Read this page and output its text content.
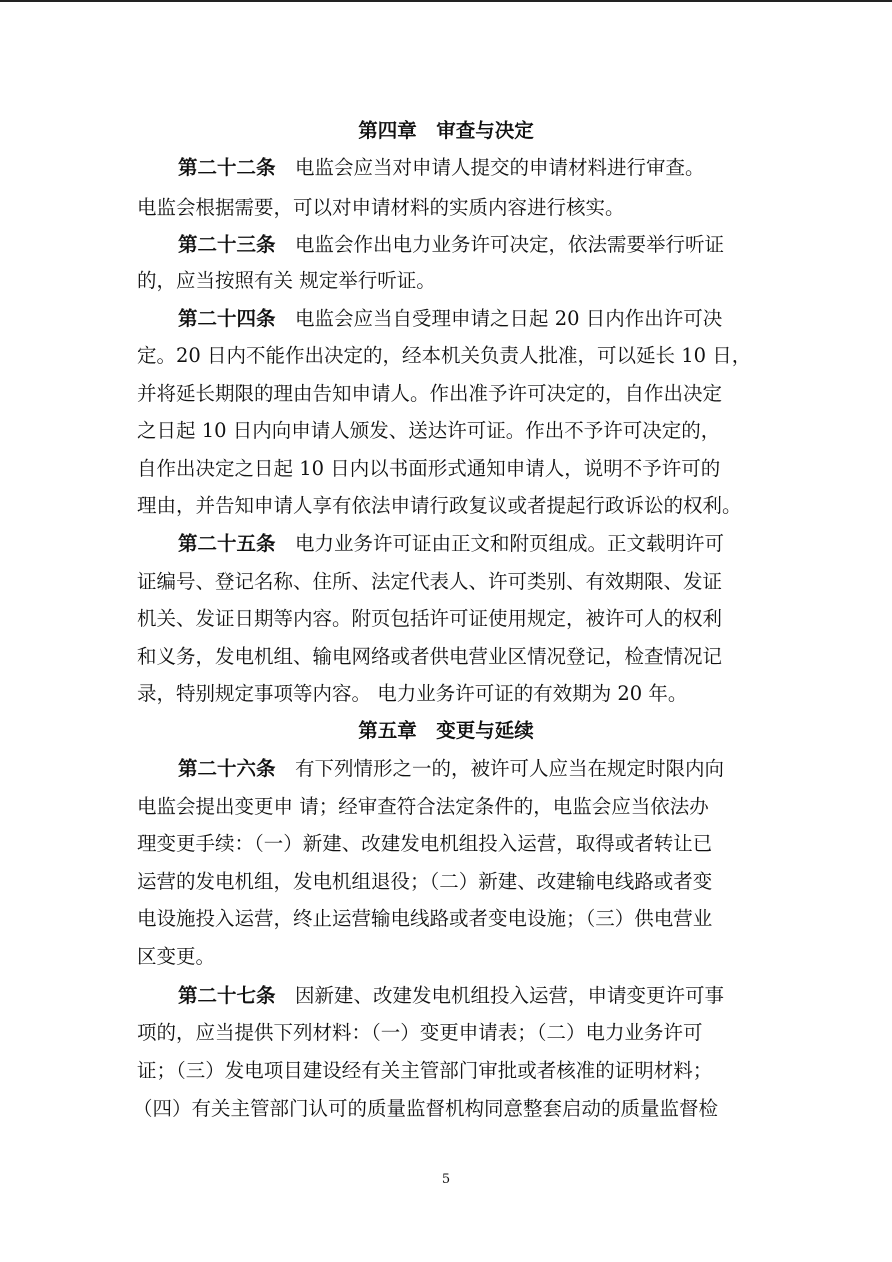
第四章　审查与决定
第二十二条　 电监会应当对申请人提交的申请材料进行审查。
电监会根据需要，可以对申请材料的实质内容进行核实。
第二十三条　 电监会作出电力业务许可决定，依法需要举行听证
的，应当按照有关 规定举行听证。
第二十四条　 电监会应当自受理申请之日起 20 日内作出许可决
定。20 日内不能作出决定的，经本机关负责人批准，可以延长 10 日，
并将延长期限的理由告知申请人。作出准予许可决定的，自作出决定
之日起 10 日内向申请人颁发、送达许可证。作出不予许可决定的，
自作出决定之日起 10 日内以书面形式通知申请人，说明不予许可的
理由，并告知申请人享有依法申请行政复议或者提起行政诉讼的权利。
第二十五条　 电力业务许可证由正文和附页组成。正文载明许可
证编号、登记名称、住所、法定代表人、许可类别、有效期限、发证
机关、发证日期等内容。附页包括许可证使用规定，被许可人的权利
和义务，发电机组、输电网络或者供电营业区情况登记，检查情况记
录，特别规定事项等内容。 电力业务许可证的有效期为 20 年。
第五章　变更与延续
第二十六条　 有下列情形之一的，被许可人应当在规定时限内向
电监会提出变更申 请；经审查符合法定条件的，电监会应当依法办
理变更手续：（一）新建、改建发电机组投入运营，取得或者转让已
运营的发电机组，发电机组退役；（二）新建、改建输电线路或者变
电设施投入运营，终止运营输电线路或者变电设施；（三）供电营业
区变更。
第二十七条　 因新建、改建发电机组投入运营，申请变更许可事
项的，应当提供下列材料：（一）变更申请表；（二）电力业务许可
证；（三）发电项目建设经有关主管部门审批或者核准的证明材料；
（四）有关主管部门认可的质量监督机构同意整套启动的质量监督检
5
